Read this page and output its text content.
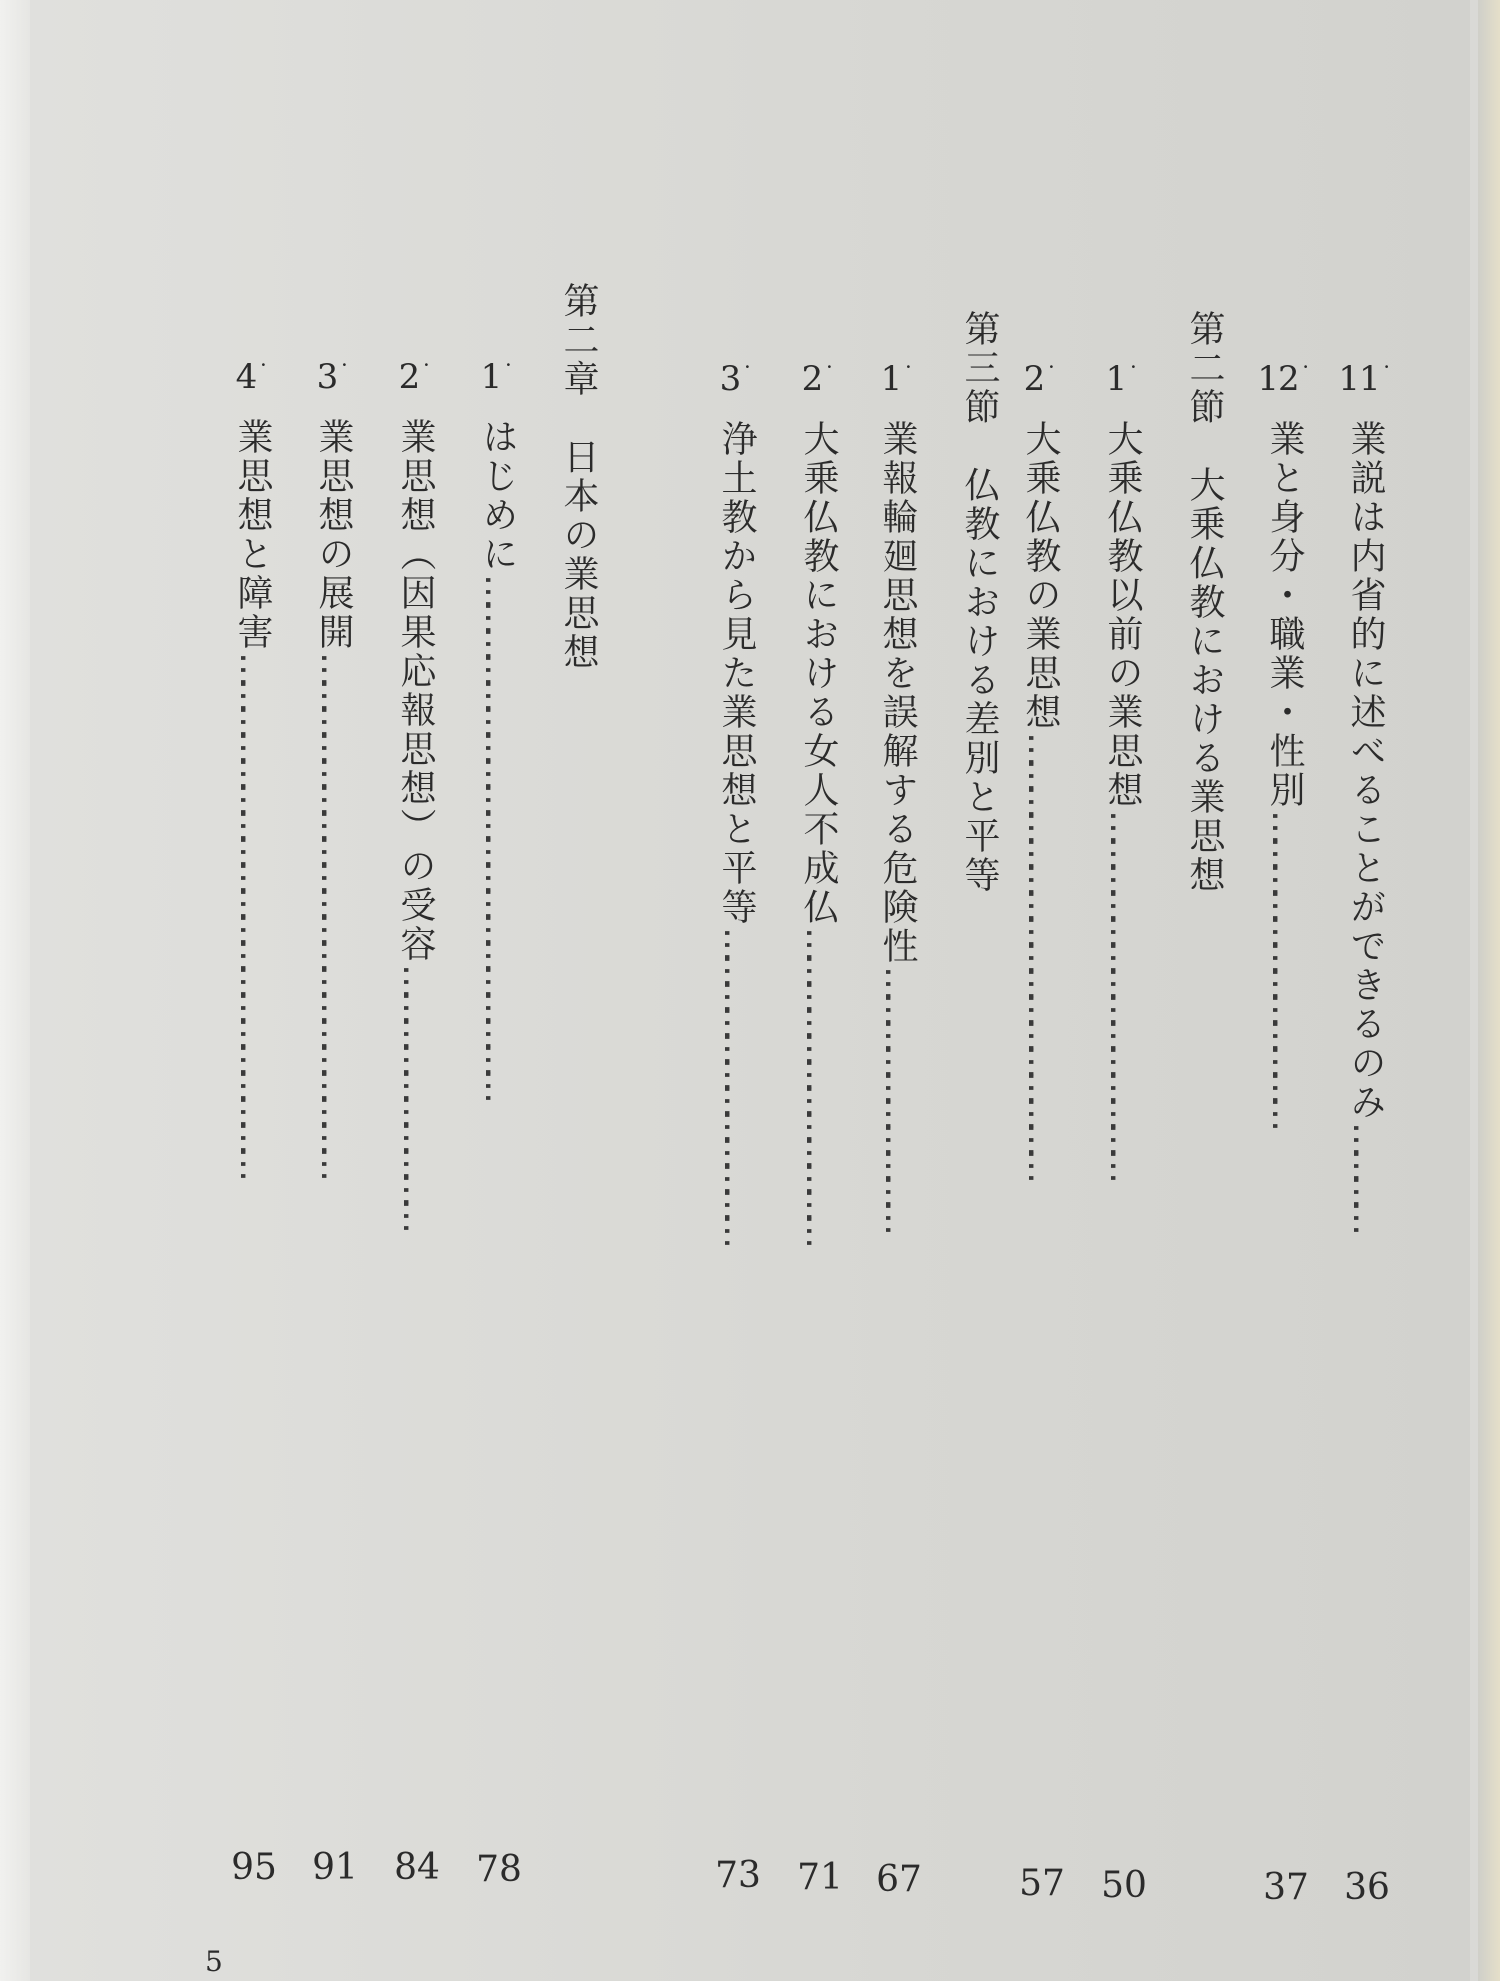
11˙
業説は内省的に述べることができるのみ
…………
36
12˙
業と身分・職業・性別
………………………………
37
第二節　大乗仏教における業思想
1˙
大乗仏教以前の業思想
……………………………………
50
2˙
大乗仏教の業思想
……………………………………………
57
第三節　仏教における差別と平等
1˙
業報輪廻思想を誤解する危険性
…………………………
67
2˙
大乗仏教における女人不成仏
………………………………
71
3˙
浄土教から見た業思想と平等
………………………………
73
第二章　日本の業思想
1˙
はじめに
……………………………………………………
78
2˙
業思想（因果応報思想）の受容
…………………………
84
3˙
業思想の展開
……………………………………………………
91
4˙
業思想と障害
……………………………………………………
95
5
